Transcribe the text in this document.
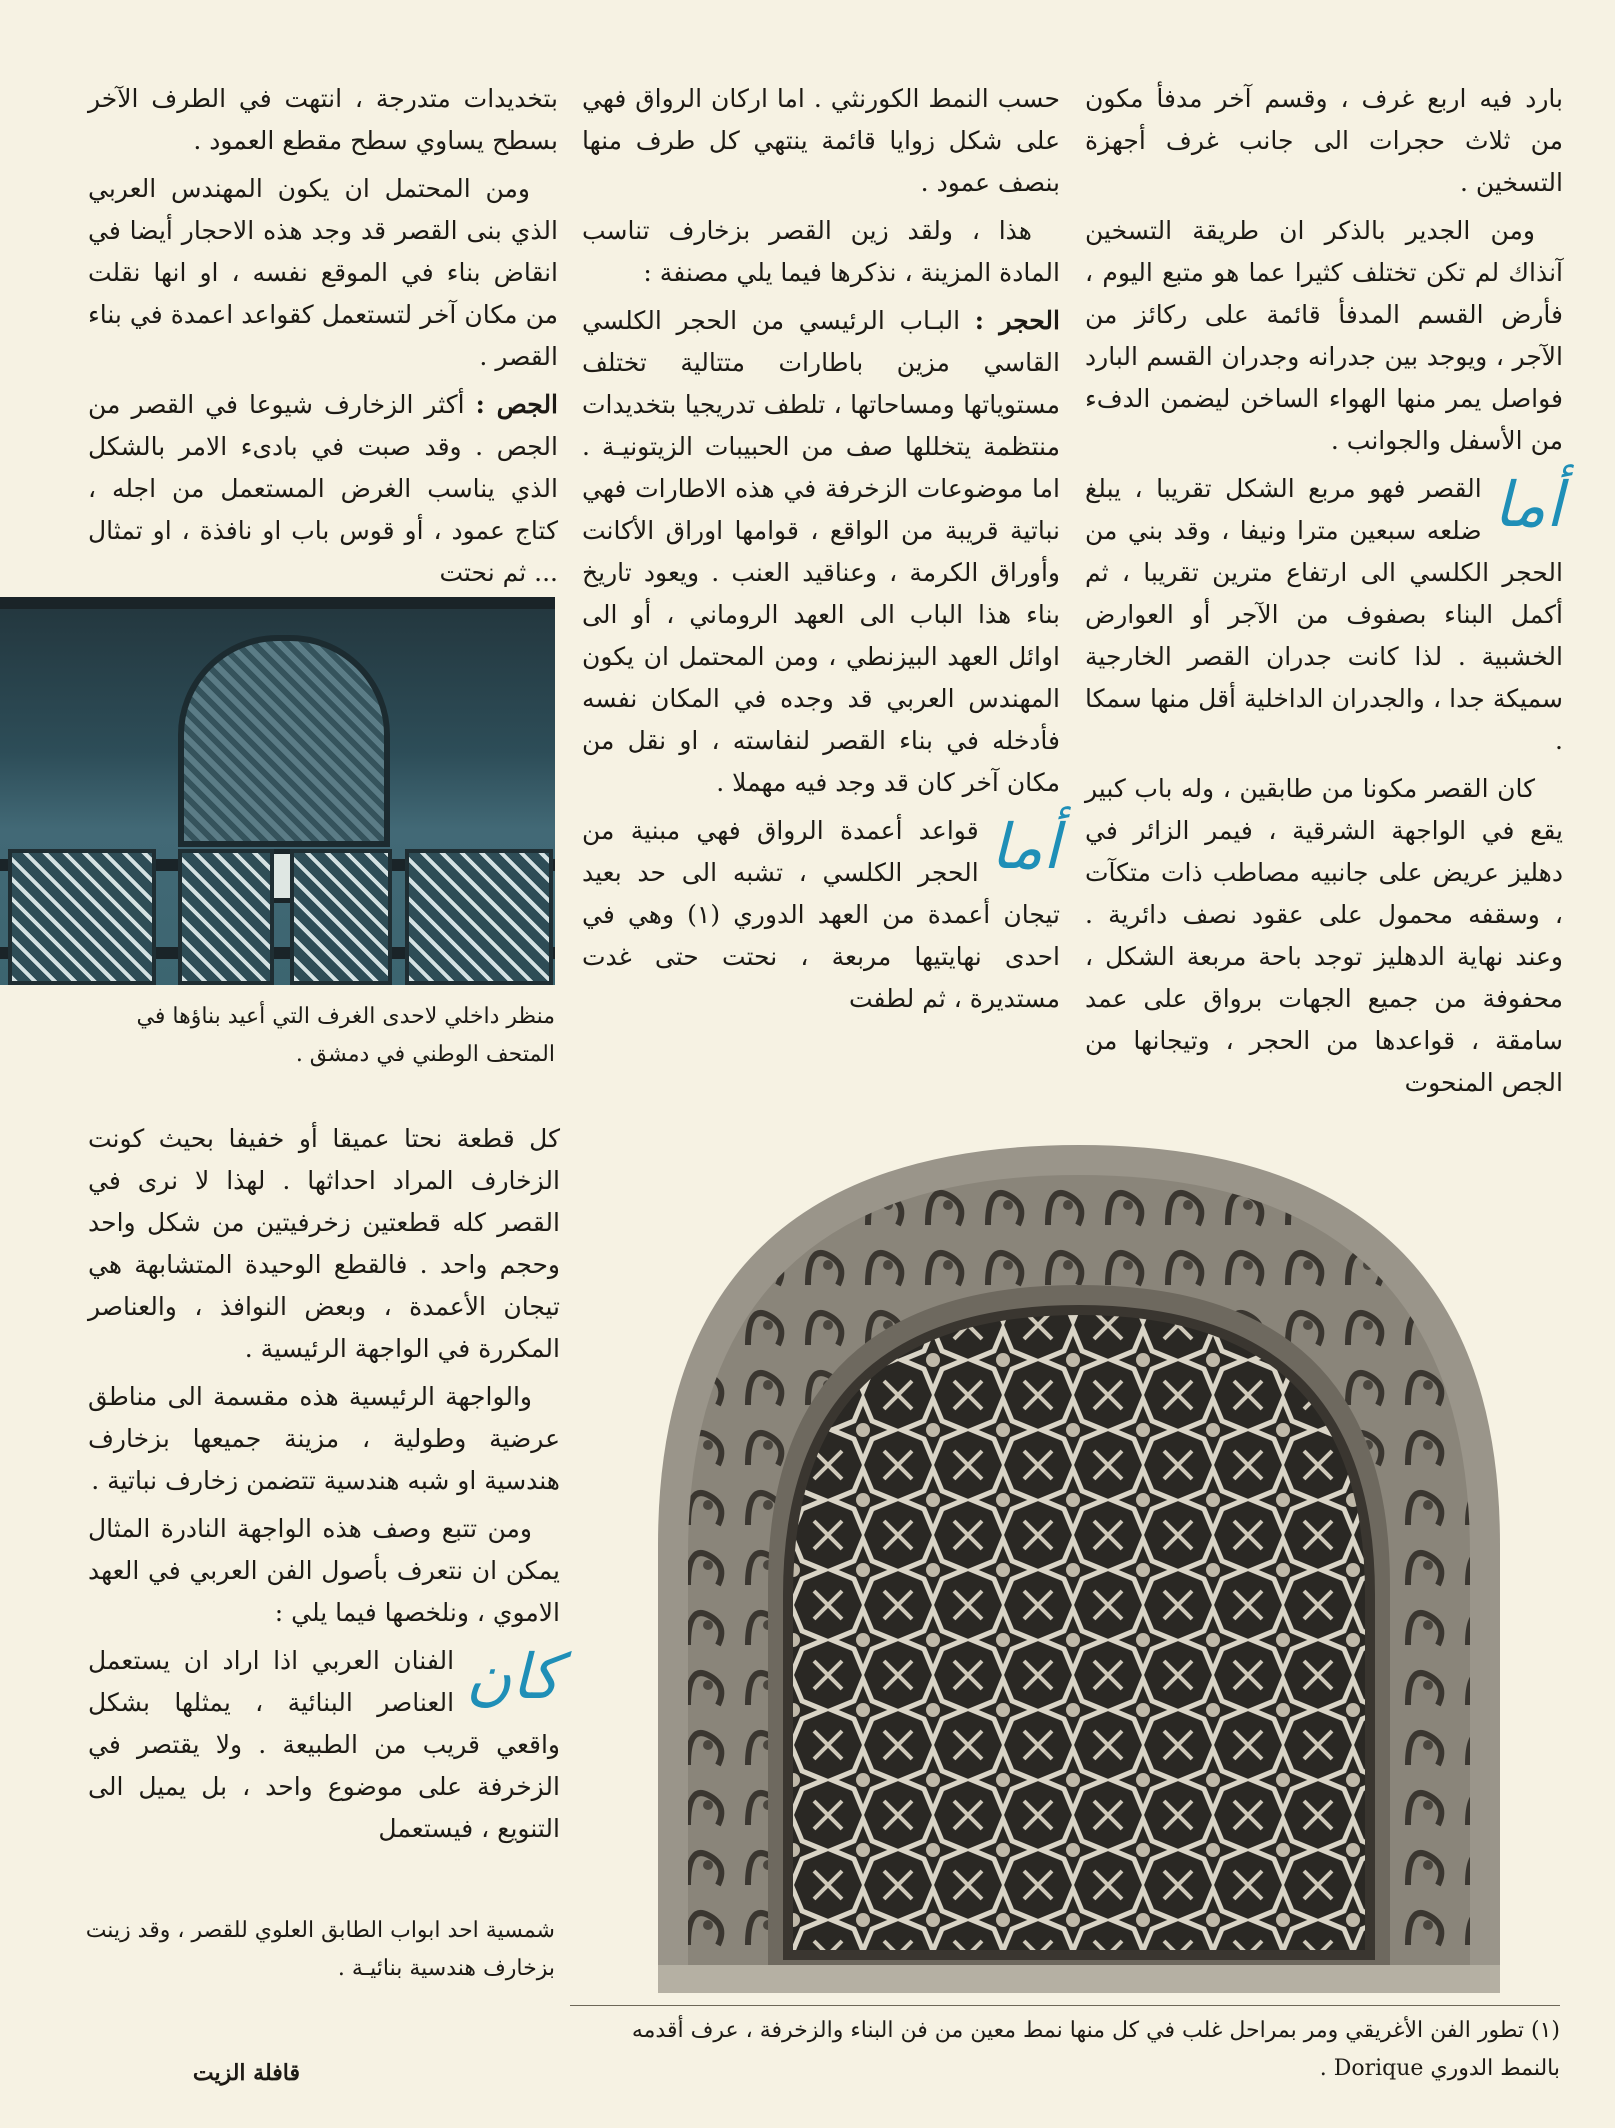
بارد فيه اربع غرف ، وقسم آخر مدفأ مكون من ثلاث حجرات الى جانب غرف أجهزة التسخين .

ومن الجدير بالذكر ان طريقة التسخين آنذاك لم تكن تختلف كثيرا عما هو متبع اليوم ، فأرض القسم المدفأ قائمة على ركائز من الآجر ، ويوجد بين جدرانه وجدران القسم البارد فواصل يمر منها الهواء الساخن ليضمن الدفء من الأسفل والجوانب .

أما
القصر فهو مربع الشكل تقريبا ، يبلغ ضلعه سبعين مترا ونيفا ، وقد بني من الحجر الكلسي الى ارتفاع مترين تقريبا ، ثم أكمل البناء بصفوف من الآجر أو العوارض الخشبية . لذا كانت جدران القصر الخارجية سميكة جدا ، والجدران الداخلية أقل منها سمكا .

كان القصر مكونا من طابقين ، وله باب كبير يقع في الواجهة الشرقية ، فيمر الزائر في دهليز عريض على جانبيه مصاطب ذات متكآت ، وسقفه محمول على عقود نصف دائرية . وعند نهاية الدهليز توجد باحة مربعة الشكل ، محفوفة من جميع الجهات برواق على عمد سامقة ، قواعدها من الحجر ، وتيجانها من الجص المنحوت

حسب النمط الكورنثي . اما اركان الرواق فهي على شكل زوايا قائمة ينتهي كل طرف منها بنصف عمود .

هذا ، ولقد زين القصر بزخارف تناسب المادة المزينة ، نذكرها فيما يلي مصنفة :

الحجر : البـاب الرئيسي من الحجر الكلسي القاسي مزين باطارات متتالية تختلف مستوياتها ومساحاتها ، تلطف تدريجيا بتخديدات منتظمة يتخللها صف من الحبيبات الزيتونيـة . اما موضوعات الزخرفة في هذه الاطارات فهي نباتية قريبة من الواقع ، قوامها اوراق الأكانت وأوراق الكرمة ، وعناقيد العنب . ويعود تاريخ بناء هذا الباب الى العهد الروماني ، أو الى اوائل العهد البيزنطي ، ومن المحتمل ان يكون المهندس العربي قد وجده في المكان نفسه فأدخله في بناء القصر لنفاسته ، او نقل من مكان آخر كان قد وجد فيه مهملا .

أما
قواعد أعمدة الرواق فهي مبنية من الحجر الكلسي ، تشبه الى حد بعيد تيجان أعمدة من العهد الدوري (١) وهي في احدى نهايتيها مربعة ، نحتت حتى غدت مستديرة ، ثم لطفت

بتخديدات متدرجة ، انتهت في الطرف الآخر بسطح يساوي سطح مقطع العمود .

ومن المحتمل ان يكون المهندس العربي الذي بنى القصر قد وجد هذه الاحجار أيضا في انقاض بناء في الموقع نفسه ، او انها نقلت من مكان آخر لتستعمل كقواعد اعمدة في بناء القصر .

الجص : أكثر الزخارف شيوعا في القصر من الجص . وقد صبت في بادىء الامر بالشكل الذي يناسب الغرض المستعمل من اجله ، كتاج عمود ، أو قوس باب او نافذة ، او تمثال ... ثم نحتت

منظر داخلي لاحدى الغرف التي أعيد بناؤها في المتحف الوطني في دمشق .

كل قطعة نحتا عميقا أو خفيفا بحيث كونت الزخارف المراد احداثها . لهذا لا نرى في القصر كله قطعتين زخرفيتين من شكل واحد وحجم واحد . فالقطع الوحيدة المتشابهة هي تيجان الأعمدة ، وبعض النوافذ ، والعناصر المكررة في الواجهة الرئيسية .

والواجهة الرئيسية هذه مقسمة الى مناطق عرضية وطولية ، مزينة جميعها بزخارف هندسية او شبه هندسية تتضمن زخارف نباتية .

ومن تتبع وصف هذه الواجهة النادرة المثال يمكن ان نتعرف بأصول الفن العربي في العهد الاموي ، ونلخصها فيما يلي :

كان
الفنان العربي اذا اراد ان يستعمل العناصر البنائية ، يمثلها بشكل واقعي قريب من الطبيعة . ولا يقتصر في الزخرفة على موضوع واحد ، بل يميل الى التنويع ، فيستعمل

شمسية احد ابواب الطابق العلوي للقصر ، وقد زينت بزخارف هندسية بنائيـة .
(١) تطور الفن الأغريقي ومر بمراحل غلب في كل منها نمط معين من فن البناء والزخرفة ، عرف أقدمه بالنمط الدوري Dorique .
قافلة الزيت
